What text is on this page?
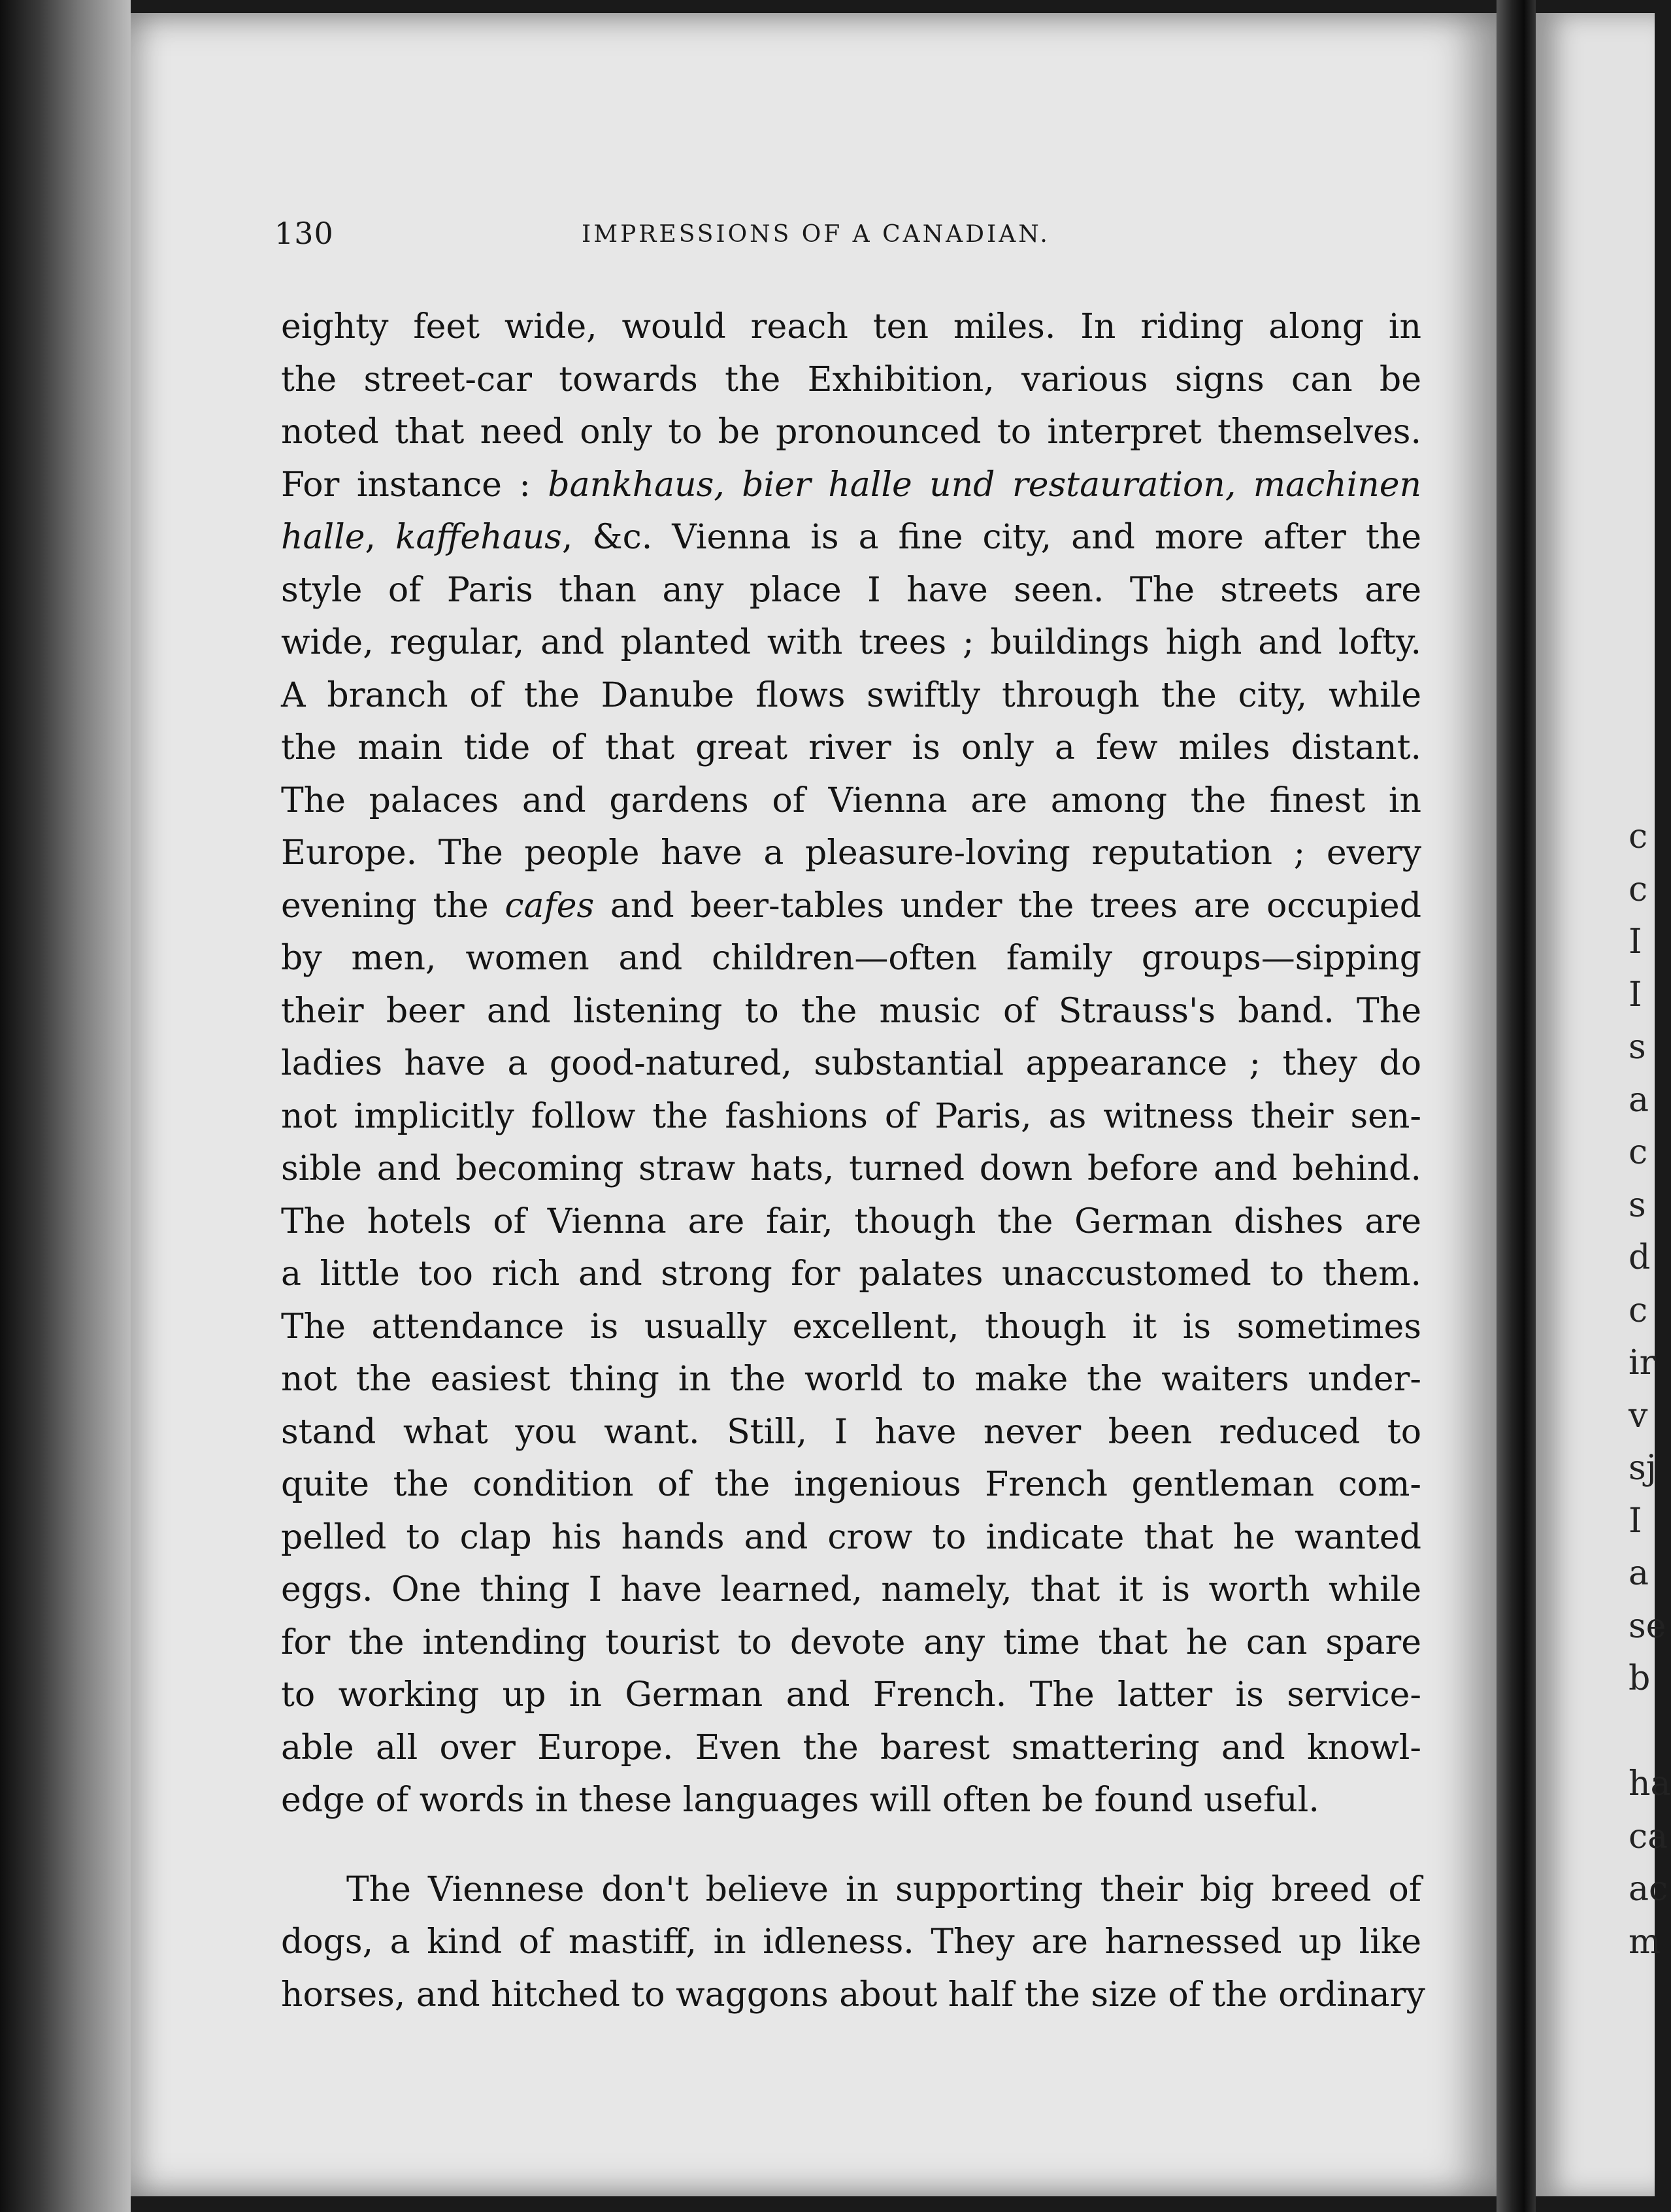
c
c
I
I
s
a
c
s
d
c
ir
v
sj
I
a
se
b
ha
ca
ac
m
130	IMPRESSIONS OF A CANADIAN.
eighty feet wide, would reach ten miles. In riding along in
the street-car towards the Exhibition, various signs can be
noted that need only to be pronounced to interpret themselves.
For instance : bankhaus, bier halle und restauration, machinen
halle, kaffehaus, &c. Vienna is a fine city, and more after the
style of Paris than any place I have seen. The streets are
wide, regular, and planted with trees ; buildings high and lofty.
A branch of the Danube flows swiftly through the city, while
the main tide of that great river is only a few miles distant.
The palaces and gardens of Vienna are among the finest in
Europe. The people have a pleasure-loving reputation ; every
evening the cafes and beer-tables under the trees are occupied
by men, women and children—often family groups—sipping
their beer and listening to the music of Strauss's band. The
ladies have a good-natured, substantial appearance ; they do
not implicitly follow the fashions of Paris, as witness their sen-
sible and becoming straw hats, turned down before and behind.
The hotels of Vienna are fair, though the German dishes are
a little too rich and strong for palates unaccustomed to them.
The attendance is usually excellent, though it is sometimes
not the easiest thing in the world to make the waiters under-
stand what you want. Still, I have never been reduced to
quite the condition of the ingenious French gentleman com-
pelled to clap his hands and crow to indicate that he wanted
eggs. One thing I have learned, namely, that it is worth while
for the intending tourist to devote any time that he can spare
to working up in German and French. The latter is service-
able all over Europe. Even the barest smattering and knowl-
edge of words in these languages will often be found useful.
The Viennese don't believe in supporting their big breed of
dogs, a kind of mastiff, in idleness. They are harnessed up like
horses, and hitched to waggons about half the size of the ordinary
